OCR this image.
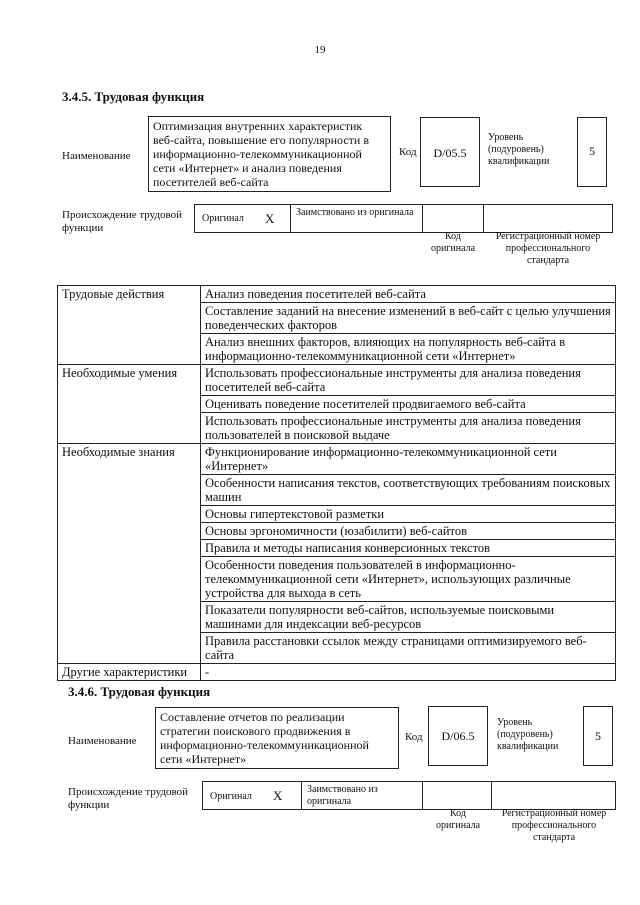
19
3.4.5. Трудовая функция
Наименование
Оптимизация внутренних характеристик веб-сайта, повышение его популярности в информационно-телекоммуникационной сети «Интернет» и анализ поведения посетителей веб-сайта
Код	D/05.5
Уровень (подуровень) квалификации
5
Происхождение трудовой функции
Оригинал X	Заимствовано из оригинала
Код оригинала
Регистрационный номер профессионального стандарта
Трудовые действия	Анализ поведения посетителей веб-сайта
	Составление заданий на внесение изменений в веб-сайт с целью улучшения поведенческих факторов
	Анализ внешних факторов, влияющих на популярность веб-сайта в информационно-телекоммуникационной сети «Интернет»
Необходимые умения	Использовать профессиональные инструменты для анализа поведения посетителей веб-сайта
	Оценивать поведение посетителей продвигаемого веб-сайта
	Использовать профессиональные инструменты для анализа поведения пользователей в поисковой выдаче
Необходимые знания	Функционирование информационно-телекоммуникационной сети «Интернет»
	Особенности написания текстов, соответствующих требованиям поисковых машин
	Основы гипертекстовой разметки
	Основы эргономичности (юзабилити) веб-сайтов
	Правила и методы написания конверсионных текстов
	Особенности поведения пользователей в информационно-телекоммуникационной сети «Интернет», использующих различные устройства для выхода в сеть
	Показатели популярности веб-сайтов, используемые поисковыми машинами для индексации веб-ресурсов
	Правила расстановки ссылок между страницами оптимизируемого веб-сайта
Другие характеристики	-
3.4.6. Трудовая функция
Наименование
Составление отчетов по реализации стратегии поискового продвижения в информационно-телекоммуникационной сети «Интернет»
Код	D/06.5
Уровень (подуровень) квалификации
5
Происхождение трудовой функции
Оригинал X	Заимствовано из оригинала
Код оригинала
Регистрационный номер профессионального стандарта
